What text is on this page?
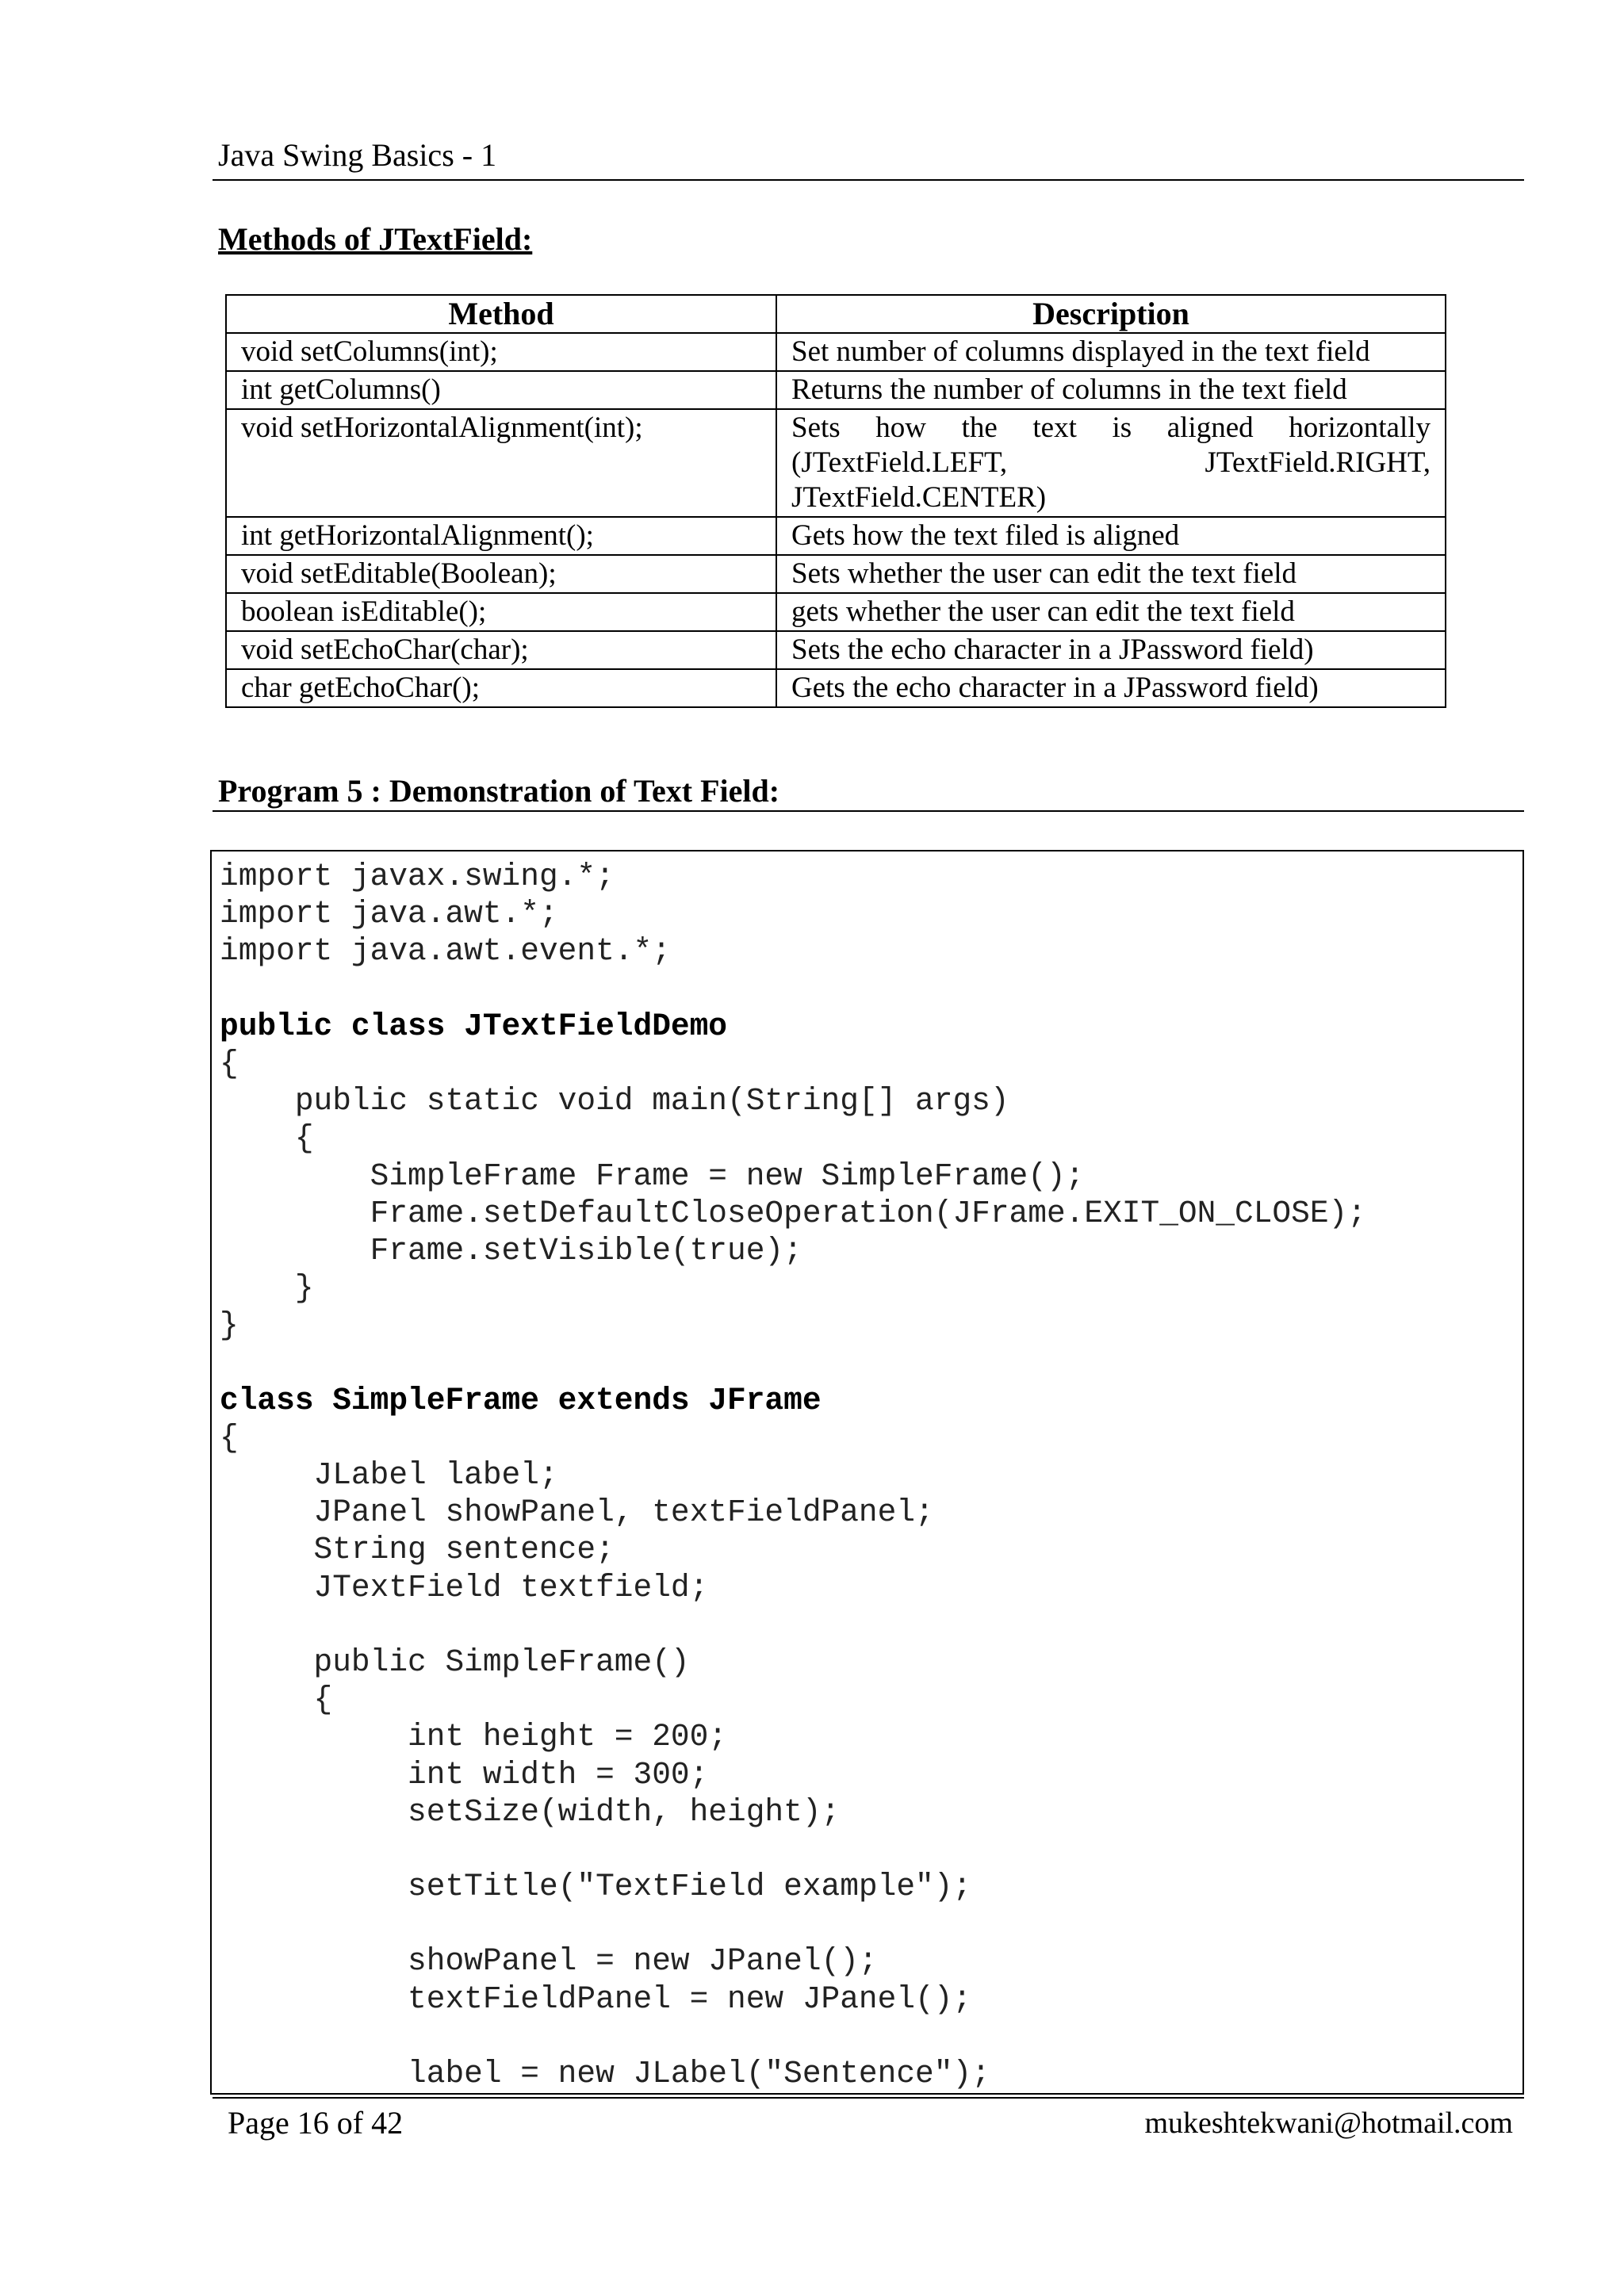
Java Swing Basics - 1
Methods of JTextField:
Method	Description
void setColumns(int);	Set number of columns displayed in the text field
int getColumns()	Returns the number of columns in the text field
void setHorizontalAlignment(int);	Sets how the text is aligned horizontally (JTextField.LEFT, JTextField.RIGHT, JTextField.CENTER)
int getHorizontalAlignment();	Gets how the text filed is aligned
void setEditable(Boolean);	Sets whether the user can edit the text field
boolean isEditable();	gets whether the user can edit the text field
void setEchoChar(char);	Sets the echo character in a JPassword field)
char getEchoChar();	Gets the echo character in a JPassword field)
Program 5 : Demonstration of Text Field:
import javax.swing.*;
import java.awt.*;
import java.awt.event.*;
public class JTextFieldDemo
{
public static void main(String[] args)
{
SimpleFrame Frame = new SimpleFrame();
Frame.setDefaultCloseOperation(JFrame.EXIT_ON_CLOSE);
Frame.setVisible(true);
}
}
class SimpleFrame extends JFrame
{
JLabel label;
JPanel showPanel, textFieldPanel;
String sentence;
JTextField textfield;
public SimpleFrame()
{
int height = 200;
int width = 300;
setSize(width, height);
setTitle("TextField example");
showPanel = new JPanel();
textFieldPanel = new JPanel();
label = new JLabel("Sentence");
Page 16 of 42	mukeshtekwani@hotmail.com
